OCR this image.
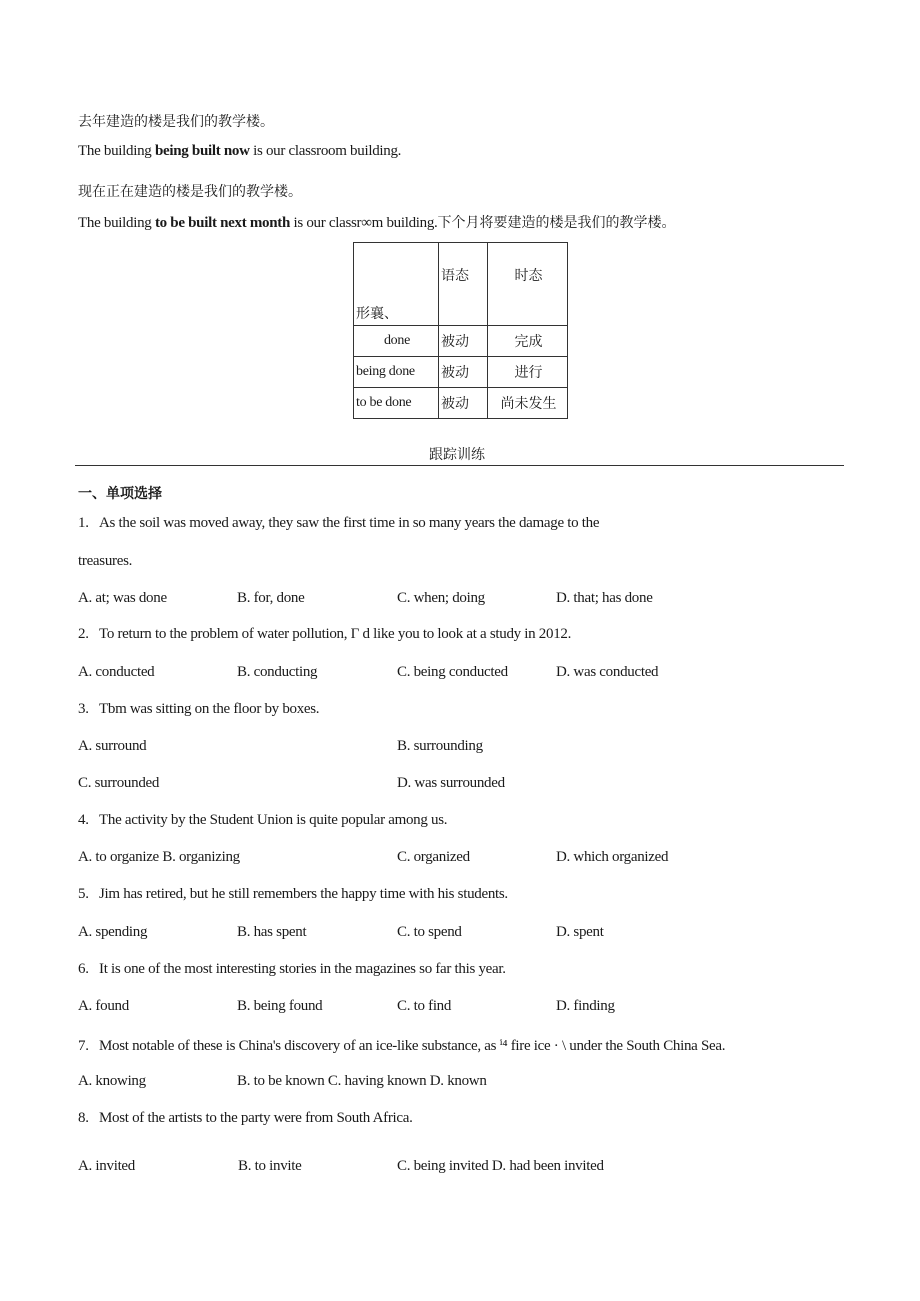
去年建造的楼是我们的教学楼。
The building being built now is our classroom building.
现在正在建造的楼是我们的教学楼。
The building to be built next month is our classr∞m building.下个月将要建造的楼是我们的教学楼。
形襄、	语态	时态
done	被动	完成
being done	被动	进行
to be done	被动	尚未发生
跟踪训练
一、单项选择
1. As the soil was moved away, they saw the first time in so many years the damage to the
treasures.
A. at; was done	B. for, done	C. when; doing	D. that; has done
2. To return to the problem of water pollution, Γ d like you to look at a study in 2012.
A. conducted	B. conducting	C. being conducted	D. was conducted
3. Tbm was sitting on the floor by boxes.
A. surround	B. surrounding
C. surrounded	D. was surrounded
4. The activity by the Student Union is quite popular among us.
A. to organize B. organizing	C. organized	D. which organized
5. Jim has retired, but he still remembers the happy time with his students.
A. spending	B. has spent	C. to spend	D. spent
6. It is one of the most interesting stories in the magazines so far this year.
A. found	B. being found	C. to find	D. finding
7. Most notable of these is China's discovery of an ice-like substance, as ⁱ⁴ fire ice · \ under the South China Sea.
A. knowing	B. to be known C. having known D. known
8. Most of the artists to the party were from South Africa.
A. invited	B. to invite	C. being invited D. had been invited
